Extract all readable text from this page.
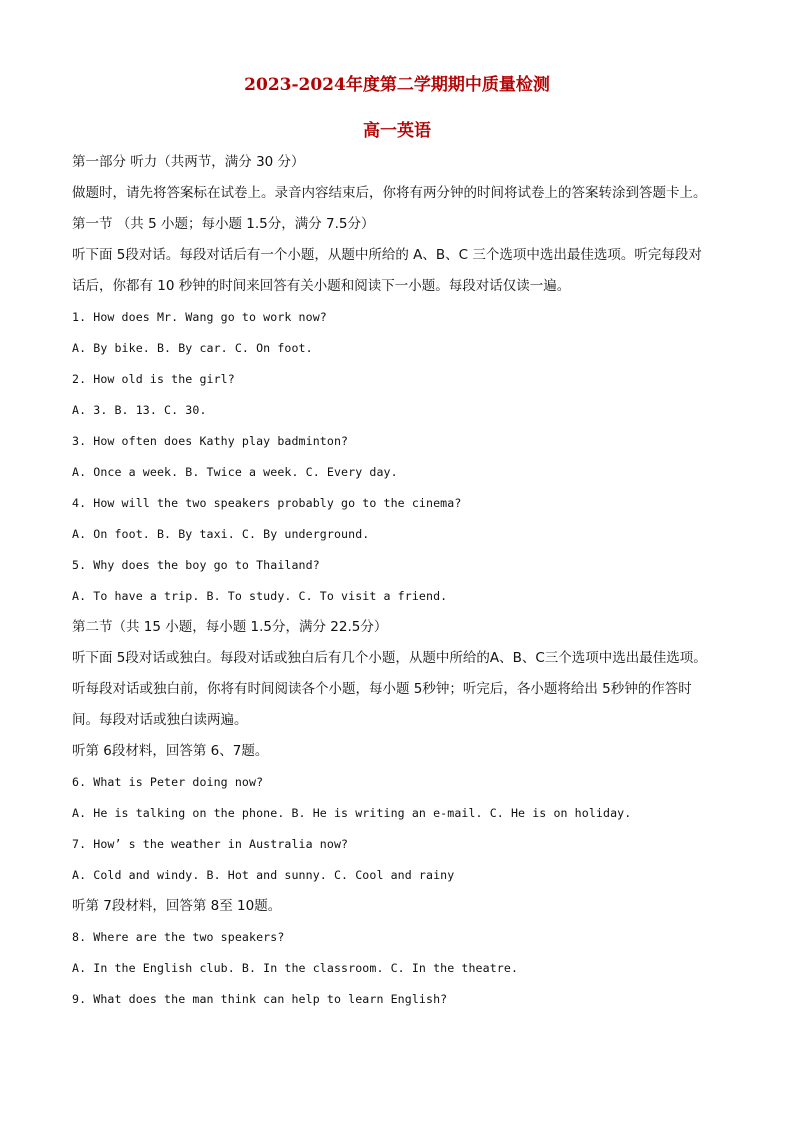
2023-2024年度第二学期期中质量检测
高一英语
第一部分 听力（共两节，满分 30 分）
做题时，请先将答案标在试卷上。录音内容结束后，你将有两分钟的时间将试卷上的答案转涂到答题卡上。
第一节 （共 5 小题；每小题 1.5分，满分 7.5分）
听下面 5段对话。每段对话后有一个小题，从题中所给的 A、B、C 三个选项中选出最佳选项。听完每段对
话后，你都有 10 秒钟的时间来回答有关小题和阅读下一小题。每段对话仅读一遍。
1. How does Mr. Wang go to work now?
A. By bike. B. By car. C. On foot.
2. How old is the girl?
A. 3. B. 13. C. 30.
3. How often does Kathy play badminton?
A. Once a week. B. Twice a week. C. Every day.
4. How will the two speakers probably go to the cinema?
A. On foot. B. By taxi. C. By underground.
5. Why does the boy go to Thailand?
A. To have a trip. B. To study. C. To visit a friend.
第二节（共 15 小题，每小题 1.5分，满分 22.5分）
听下面 5段对话或独白。每段对话或独白后有几个小题，从题中所给的A、B、C三个选项中选出最佳选项。
听每段对话或独白前，你将有时间阅读各个小题，每小题 5秒钟；听完后，各小题将给出 5秒钟的作答时
间。每段对话或独白读两遍。
听第 6段材料，回答第 6、7题。
6. What is Peter doing now?
A. He is talking on the phone. B. He is writing an e-mail. C. He is on holiday.
7. How’ s the weather in Australia now?
A. Cold and windy. B. Hot and sunny. C. Cool and rainy
听第 7段材料，回答第 8至 10题。
8. Where are the two speakers?
A. In the English club. B. In the classroom. C. In the theatre.
9. What does the man think can help to learn English?
